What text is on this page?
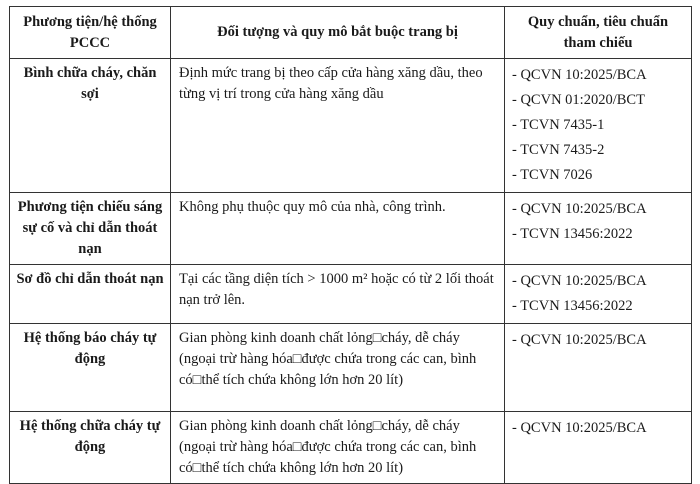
Phương tiện/hệ thống PCCC	Đối tượng và quy mô bắt buộc trang bị	Quy chuẩn, tiêu chuẩn tham chiếu
Bình chữa cháy, chăn sợi	Định mức trang bị theo cấp cửa hàng xăng dầu, theo từng vị trí trong cửa hàng xăng dầu	- QCVN 10:2025/BCA
- QCVN 01:2020/BCT
- TCVN 7435-1
- TCVN 7435-2
- TCVN 7026

Phương tiện chiếu sáng sự cố và chỉ dẫn thoát nạn	Không phụ thuộc quy mô của nhà, công trình.	- QCVN 10:2025/BCA
- TCVN 13456:2022

Sơ đồ chỉ dẫn thoát nạn	Tại các tầng diện tích > 1000 m² hoặc có từ 2 lối thoát nạn trở lên.	- QCVN 10:2025/BCA
- TCVN 13456:2022

Hệ thống báo cháy tự động	Gian phòng kinh doanh chất lỏng□cháy, dễ cháy (ngoại trừ hàng hóa□được chứa trong các can, bình có□thể tích chứa không lớn hơn 20 lít)	- QCVN 10:2025/BCA

Hệ thống chữa cháy tự động	Gian phòng kinh doanh chất lỏng□cháy, dễ cháy (ngoại trừ hàng hóa□được chứa trong các can, bình có□thể tích chứa không lớn hơn 20 lít)	- QCVN 10:2025/BCA
